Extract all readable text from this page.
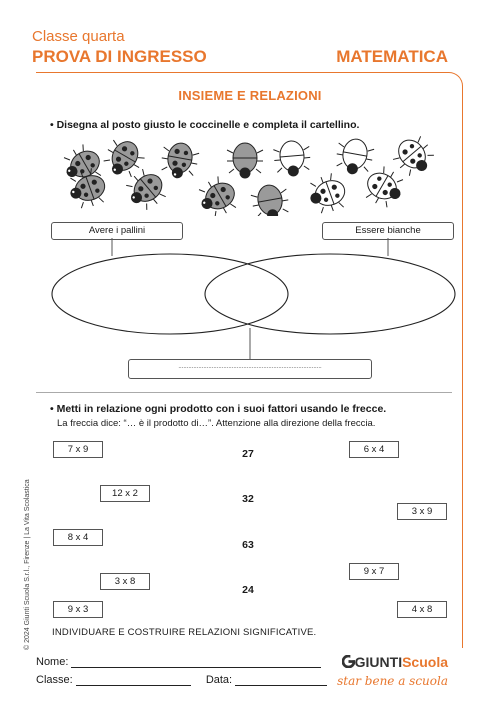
Classe quarta
PROVA DI INGRESSO	MATEMATICA
INSIEME E RELAZIONI
• Disegna al posto giusto le coccinelle e completa il cartellino.
Avere i pallini	Essere bianche
......................................................................................
• Metti in relazione ogni prodotto con i suoi fattori usando le frecce.
La freccia dice: “… è il prodotto di…”. Attenzione alla direzione della freccia.
7 x 9	6 x 4
12 x 2
3 x 9
8 x 4
9 x 7
3 x 8
9 x 3	4 x 8
27
32
63
24
INDIVIDUARE E COSTRUIRE RELAZIONI SIGNIFICATIVE.
© 2024 Giunti Scuola S.r.l., Firenze | La Vita Scolastica
Nome:
Classe:	Data:
GIUNTIScuola
star bene a scuola
